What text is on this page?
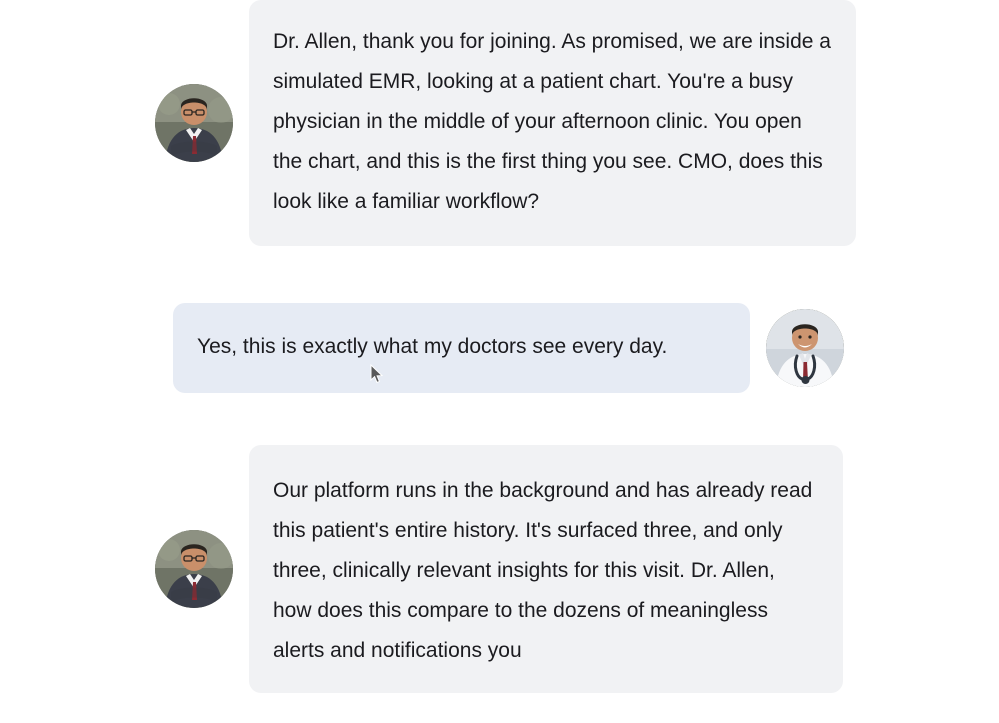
Dr. Allen, thank you for joining. As promised, we are inside a simulated EMR, looking at a patient chart. You're a busy physician in the middle of your afternoon clinic. You open the chart, and this is the first thing you see. CMO, does this look like a familiar workflow?
Yes, this is exactly what my doctors see every day.
Our platform runs in the background and has already read this patient's entire history. It's surfaced three, and only three, clinically relevant insights for this visit. Dr. Allen, how does this compare to the dozens of meaningless alerts and notifications you
